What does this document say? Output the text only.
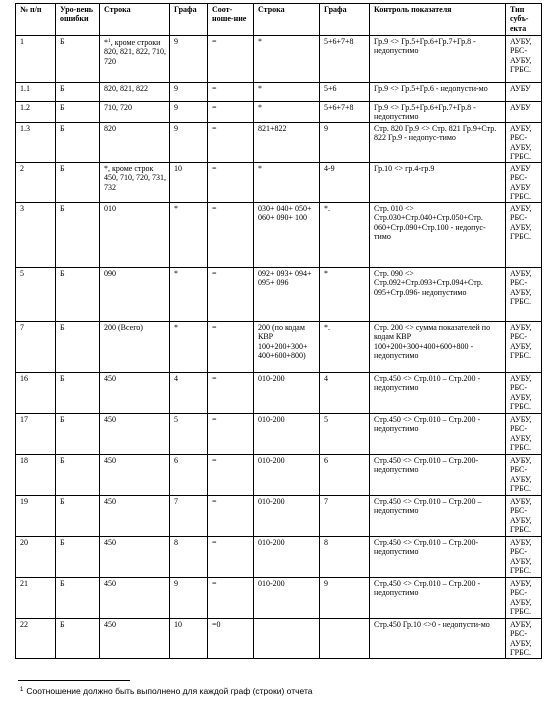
№ п/п	Уро-вень ошибки	Строка	Графа	Соот-ноше-ние	Строка	Графа	Контроль показателя	Тип субъ-екта
1	Б	*$^1$, кроме строки 820, 821, 822, 710, 720	9	=	*	5+6+7+8	Гр.9 <> Гр.5+Гр.6+Гр.7+Гр.8 - недопустимо	АУБУ, РБС-АУБУ, ГРБС.
1.1	Б	820, 821, 822	9	=	*	5+6	Гр.9 <> Гр.5+Гр.6 - недопусти-мо	АУБУ
1.2	Б	710, 720	9	=	*	5+6+7+8	Гр.9 <> Гр.5+Гр.6+Гр.7+Гр.8 - недопустимо	АУБУ
1.3	Б	820	9	=	821+822	9	Стр. 820 Гр.9 <> Стр. 821 Гр.9+Стр. 822 Гр.9 - недопус-тимо	АУБУ, РБС-АУБУ, ГРБС.
2	Б	*, кроме строк 450, 710, 720, 731, 732	10	=	*	4-9	Гр.10 <> гр.4-гр.9	АУБУ РБС-АУБУ ГРБС.
3	Б	010	*	=	030+ 040+ 050+ 060+ 090+ 100	*.	Стр. 010 <> Стр.030+Стр.040+Стр.050+Стр. 060+Стр.090+Стр.100 - недопус-тимо	АУБУ, РБС-АУБУ, ГРБС.
5	Б	090	*	=	092+ 093+ 094+ 095+ 096	*	Стр. 090 <> Стр.092+Стр.093+Стр.094+Стр. 095+Стр.096- недопустимо	АУБУ, РБС-АУБУ, ГРБС.
7	Б	200 (Всего)	*	=	200 (по кодам КВР 100+200+300+ 400+600+800)	*.	Стр. 200 <> сумма показателей по кодам КВР 100+200+300+400+600+800 - недопустимо	АУБУ, РБС-АУБУ, ГРБС.
16	Б	450	4	=	010-200	4	Стр.450 <> Стр.010 – Стр.200 - недопустимо	АУБУ, РБС-АУБУ, ГРБС.
17	Б	450	5	=	010-200	5	Стр.450 <> Стр.010 – Стр.200 - недопустимо	АУБУ, РБС-АУБУ, ГРБС.
18	Б	450	6	=	010-200	6	Стр.450 <> Стр.010 – Стр.200-недопустимо	АУБУ, РБС-АУБУ, ГРБС.
19	Б	450	7	=	010-200	7	Стр.450 <> Стр.010 – Стр.200 – недопустимо	АУБУ, РБС-АУБУ, ГРБС.
20	Б	450	8	=	010-200	8	Стр.450 <> Стр.010 – Стр.200-недопустимо	АУБУ, РБС-АУБУ, ГРБС.
21	Б	450	9	=	010-200	9	Стр.450 <> Стр.010 – Стр.200 - недопустимо	АУБУ, РБС-АУБУ, ГРБС.
22	Б	450	10	=0			Стр.450 Гр.10 <>0 - недопусти-мо	АУБУ, РБС-АУБУ, ГРБС.
$^1$ Соотношение должно быть выполнено для каждой граф (строки) отчета
